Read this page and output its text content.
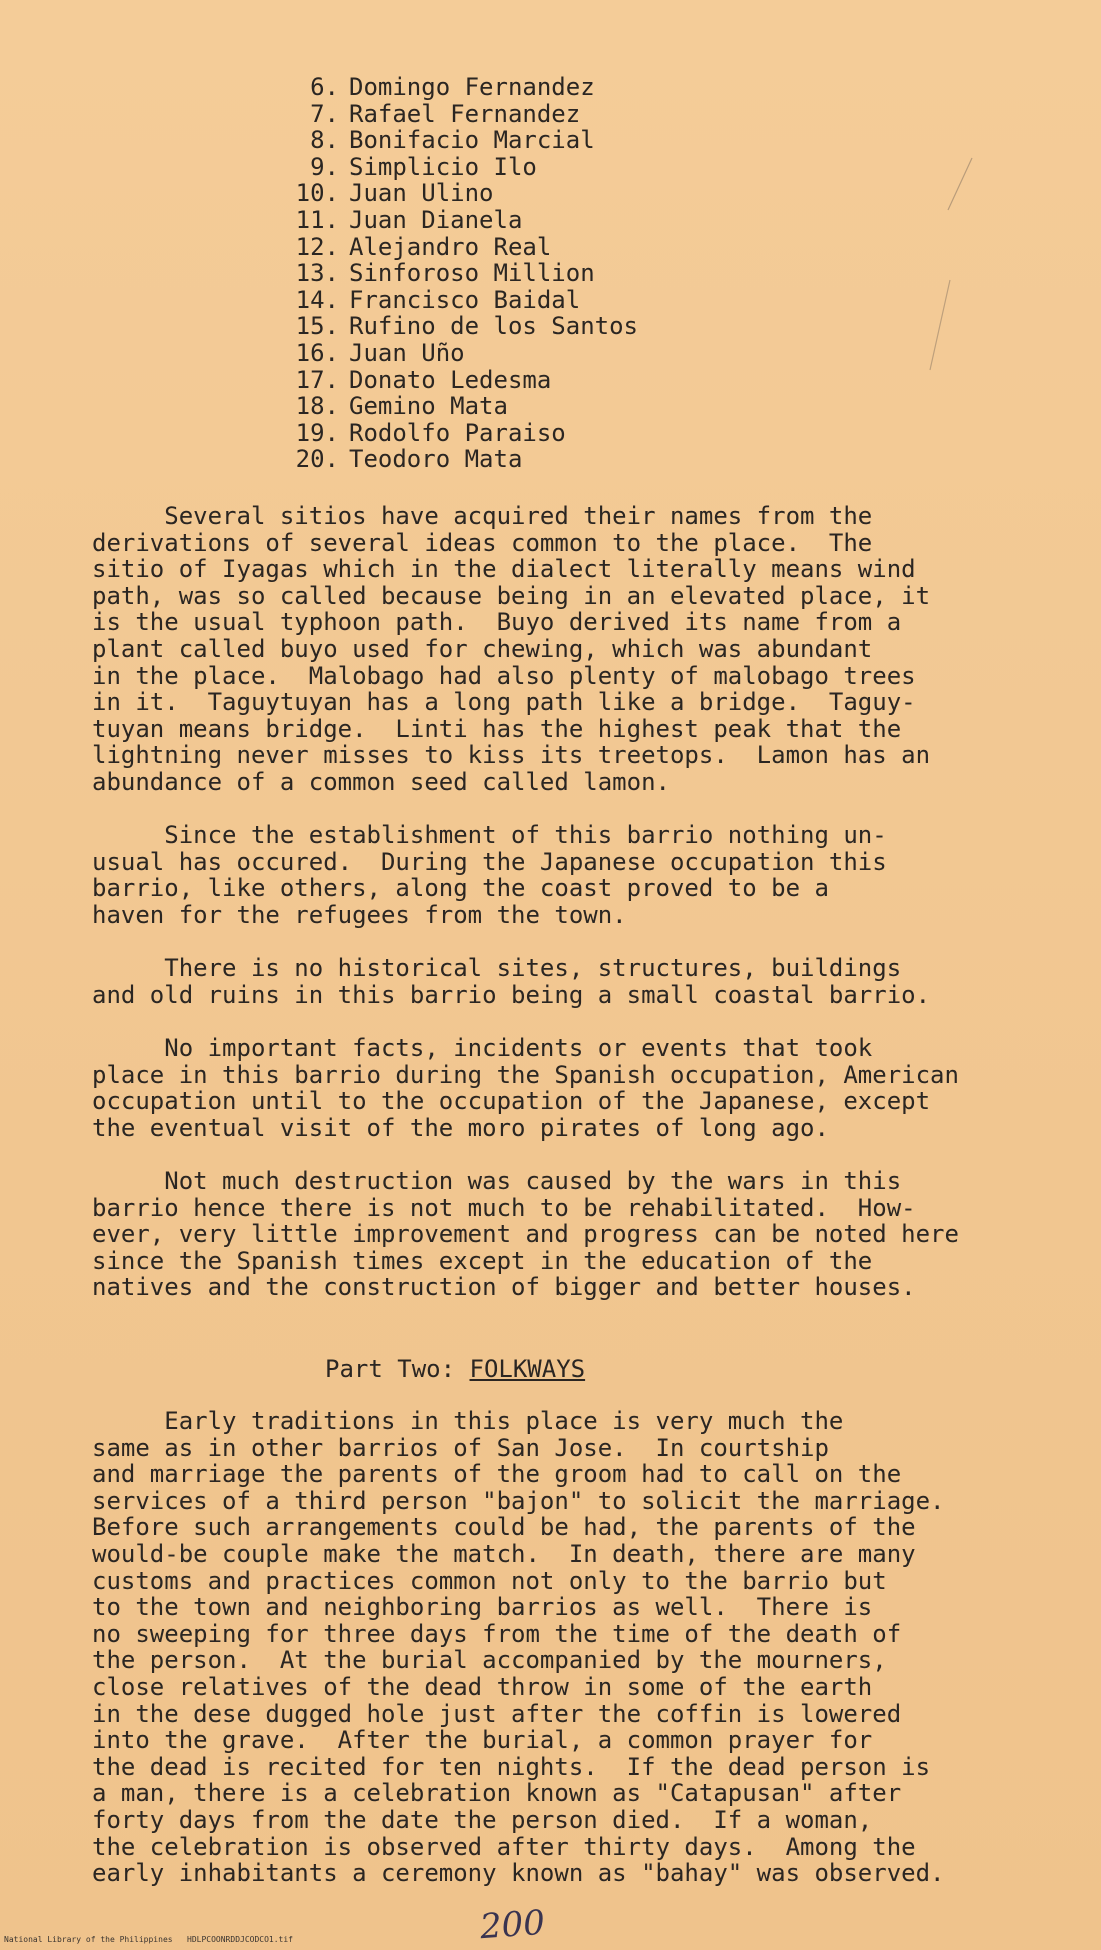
6. Domingo Fernandez
7. Rafael Fernandez
8. Bonifacio Marcial
9. Simplicio Ilo
10. Juan Ulino
11. Juan Dianela
12. Alejandro Real
13. Sinforoso Million
14. Francisco Baidal
15. Rufino de los Santos
16. Juan Uño
17. Donato Ledesma
18. Gemino Mata
19. Rodolfo Paraiso
20. Teodoro Mata
Several sitios have acquired their names from the
derivations of several ideas common to the place.  The
sitio of Iyagas which in the dialect literally means wind
path, was so called because being in an elevated place, it
is the usual typhoon path.  Buyo derived its name from a
plant called buyo used for chewing, which was abundant
in the place.  Malobago had also plenty of malobago trees
in it.  Taguytuyan has a long path like a bridge.  Taguy-
tuyan means bridge.  Linti has the highest peak that the
lightning never misses to kiss its treetops.  Lamon has an
abundance of a common seed called lamon.
Since the establishment of this barrio nothing un-
usual has occured.  During the Japanese occupation this
barrio, like others, along the coast proved to be a
haven for the refugees from the town.
There is no historical sites, structures, buildings
and old ruins in this barrio being a small coastal barrio.
No important facts, incidents or events that took
place in this barrio during the Spanish occupation, American
occupation until to the occupation of the Japanese, except
the eventual visit of the moro pirates of long ago.
Not much destruction was caused by the wars in this
barrio hence there is not much to be rehabilitated.  How-
ever, very little improvement and progress can be noted here
since the Spanish times except in the education of the
natives and the construction of bigger and better houses.
Part Two: FOLKWAYS
Early traditions in this place is very much the
same as in other barrios of San Jose.  In courtship
and marriage the parents of the groom had to call on the
services of a third person "bajon" to solicit the marriage.
Before such arrangements could be had, the parents of the
would-be couple make the match.  In death, there are many
customs and practices common not only to the barrio but
to the town and neighboring barrios as well.  There is
no sweeping for three days from the time of the death of
the person.  At the burial accompanied by the mourners,
close relatives of the dead throw in some of the earth
in the dese dugged hole just after the coffin is lowered
into the grave.  After the burial, a common prayer for
the dead is recited for ten nights.  If the dead person is
a man, there is a celebration known as "Catapusan" after
forty days from the date the person died.  If a woman,
the celebration is observed after thirty days.  Among the
early inhabitants a ceremony known as "bahay" was observed.
200
National Library of the Philippines   HDLPCOONRDDJCODCO1.tif
